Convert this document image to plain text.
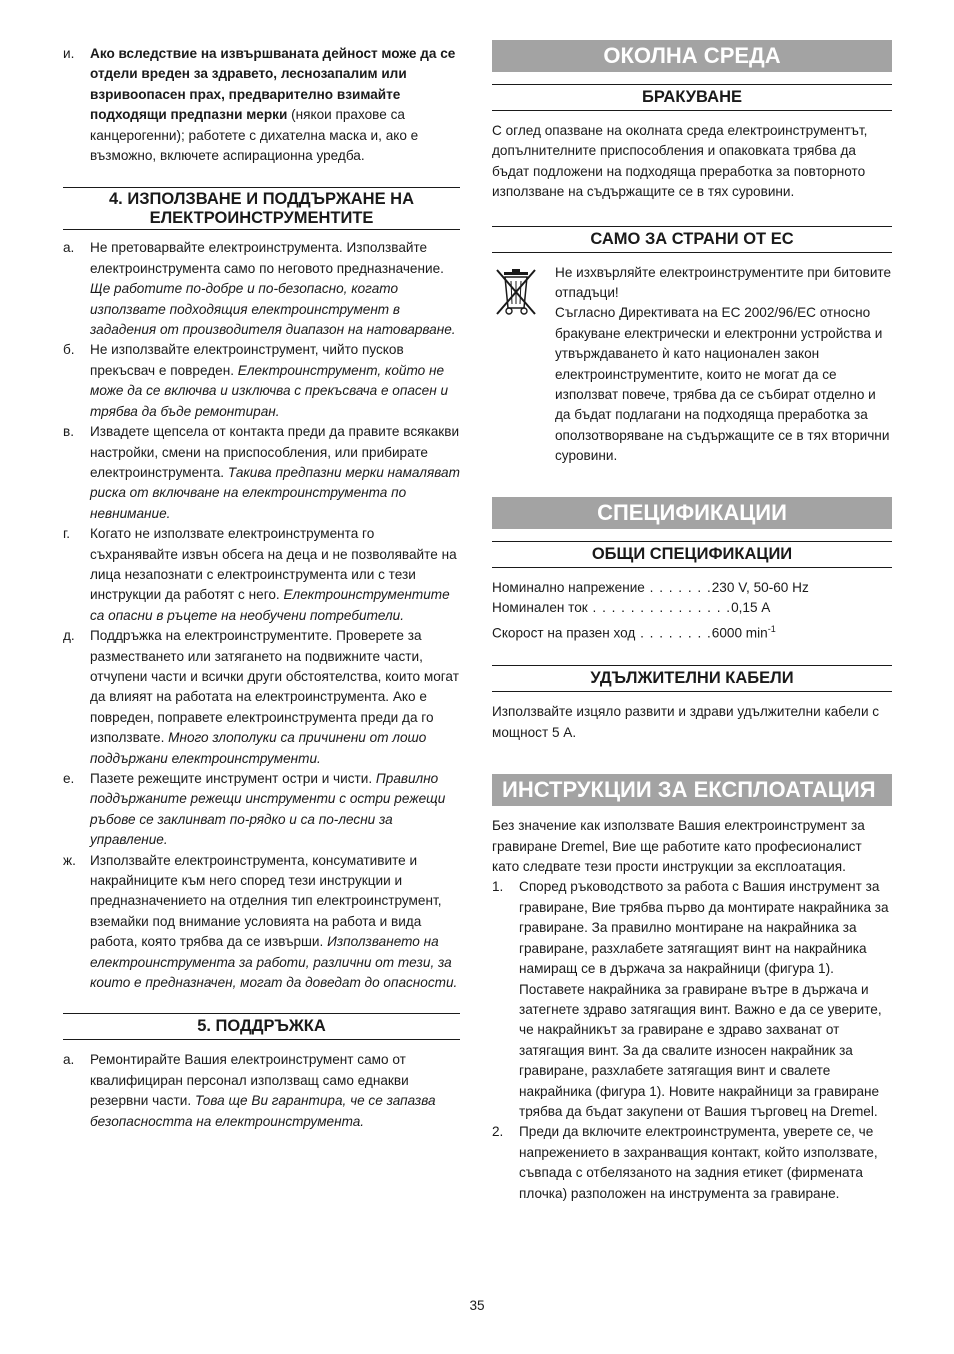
и. Ако вследствие на извършваната дейност може да се отдели вреден за здравето, леснозапалим или взривоопасен прах, предварително взимайте подходящи предпазни мерки (някои прахове са канцерогенни); работете с дихателна маска и, ако е възможно, включете аспирационна уредба.
4. ИЗПОЛЗВАНЕ И ПОДДЪРЖАНЕ НА
ЕЛЕКТРОИНСТРУМЕНТИТЕ
а. Не претоварвайте електроинструмента. Използвайте електроинструмента само по неговото предназначение. Ще работите по-добре и по-безопасно, когато използвате подходящия електроинструмент в зададения от производителя диапазон на натоварване.
б. Не използвайте електроинструмент, чийто пусков прекъсвач е повреден. Електроинструмент, който не може да се включва и изключва с прекъсвача е опасен и трябва да бъде ремонтиран.
в. Извадете щепсела от контакта преди да правите всякакви настройки, смени на приспособления, или прибирате електроинструмента. Такива предпазни мерки намаляват риска от включване на електроинструмента по невнимание.
г. Когато не използвате електроинструмента го съхранявайте извън обсега на деца и не позволявайте на лица незапознати с електроинструмента или с тези инструкции да работят с него. Електроинструментите са опасни в ръцете на необучени потребители.
д. Поддръжка на електроинструментите. Проверете за разместването или затягането на подвижните части, отчупени части и всички други обстоятелства, които могат да влияят на работата на електроинструмента. Ако е повреден, поправете електроинструмента преди да го използвате. Много злополуки са причинени от лошо поддържани електроинструменти.
е. Пазете режещите инструмент остри и чисти. Правилно поддържаните режещи инструменти с остри режещи ръбове се заклинват по-рядко и са по-лесни за управление.
ж. Използвайте електроинструмента, консумативите и накрайниците към него според тези инструкции и предназначението на отделния тип електроинструмент, вземайки под внимание условията на работа и вида работа, която трябва да се извърши. Използването на електроинструмента за работи, различни от тези, за които е предназначен, могат да доведат до опасности.
5. ПОДДРЪЖКА
а. Ремонтирайте Вашия електроинструмент само от квалифициран персонал използващ само еднакви резервни части. Това ще Ви гарантира, че се запазва безопасността на електроинструмента.
ОКОЛНА СРЕДА
БРАКУВАНЕ

С оглед опазване на околната среда електроинструментът, допълнителните приспособления и опаковката трябва да бъдат подложени на подходяща преработка за повторното използване на съдържащите се в тях суровини.

САМО ЗА СТРАНИ ОТ ЕС

Не изхвърляйте електроинструментите при битовите отпадъци!

Съгласно Директивата на ЕС 2002/96/ЕС относно бракуване електрически и електронни устройства и утвърждаването ѝ като национален закон електроинструментите, които не могат да се използват повече, трябва да се събират отделно и да бъдат подлагани на подходяща преработка за оползотворяване на съдържащите се в тях вторични суровини.

СПЕЦИФИКАЦИИ
ОБЩИ СПЕЦИФИКАЦИИ
Номинално напрежение . . . . . . .230 V, 50-60 Hz
Номинален ток . . . . . . . . . . . . . . .0,15 A
Скорост на празен ход . . . . . . . .6000 $\min^{-1}$
УДЪЛЖИТЕЛНИ КАБЕЛИ

Използвайте изцяло развити и здрави удължителни кабели с мощност 5 A.

ИНСТРУКЦИИ ЗА ЕКСПЛОАТАЦИЯ

Без значение как използвате Вашия електроинструмент за гравиране Dremel, Вие ще работите като професионалист като следвате тези прости инструкции за експлоатация.

1. Според ръководството за работа с Вашия инструмент за гравиране, Вие трябва първо да монтирате накрайника за гравиране. За правилно монтиране на накрайника за гравиране, разхлабете затягащият винт на накрайника намиращ се в държача за накрайници (фигура 1). Поставете накрайника за гравиране вътре в държача и затегнете здраво затягащия винт. Важно е да се уверите, че накрайникът за гравиране е здраво захванат от затягащия винт. За да свалите износен накрайник за гравиране, разхлабете затягащия винт и свалете накрайника (фигура 1). Новите накрайници за гравиране трябва да бъдат закупени от Вашия търговец на Dremel.
2. Преди да включите електроинструмента, уверете се, че напрежението в захранващия контакт, който използвате, съвпада с отбелязаното на задния етикет (фирмената плочка) разположен на инструмента за гравиране.
35
